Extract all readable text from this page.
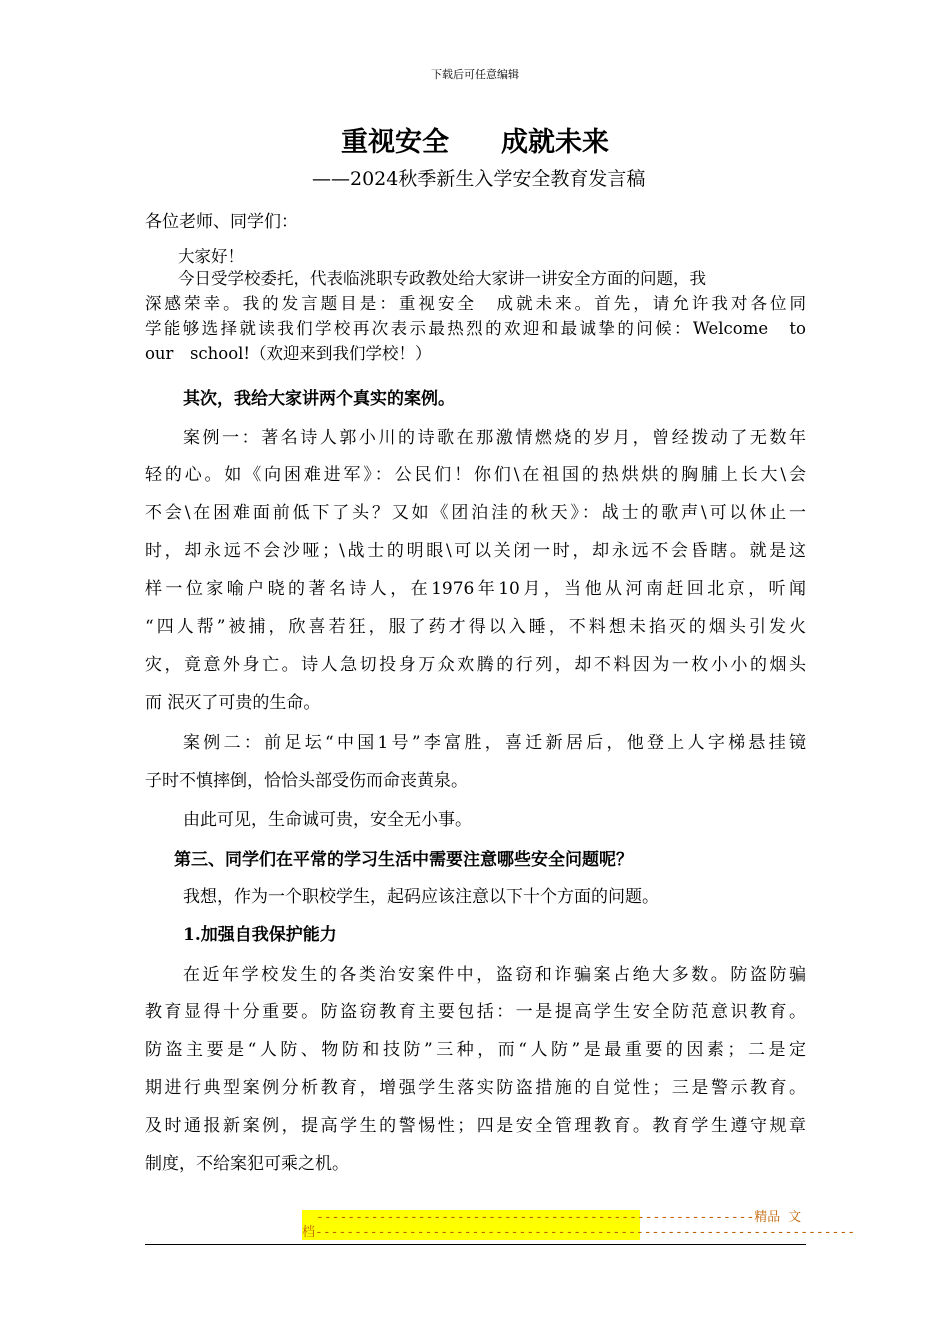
下载后可任意编辑
重视安全 成就未来
——2024秋季新生入学安全教育发言稿
各位老师、同学们：
大家好！
今日受学校委托，代表临洮职专政教处给大家讲一讲安全方面的问题，我
深感荣幸。我的发言题目是：重视安全　成就未来。首先，请允许我对各位同
学能够选择就读我们学校再次表示最热烈的欢迎和最诚挚的问候：Welcome　to
our　school!（欢迎来到我们学校！）
其次，我给大家讲两个真实的案例。
案例一：著名诗人郭小川的诗歌在那激情燃烧的岁月，曾经拨动了无数年
轻的心。如《向困难进军》：公民们！你们\在祖国的热烘烘的胸脯上长大\会
不会\在困难面前低下了头？又如《团泊洼的秋天》：战士的歌声\可以休止一
时，却永远不会沙哑；\战士的明眼\可以关闭一时，却永远不会昏瞎。就是这
样一位家喻户晓的著名诗人，在1976年10月，当他从河南赶回北京，听闻
“四人帮”被捕，欣喜若狂，服了药才得以入睡，不料想未掐灭的烟头引发火
灾，竟意外身亡。诗人急切投身万众欢腾的行列，却不料因为一枚小小的烟头
而 泯灭了可贵的生命。
案例二：前足坛“中国1号”李富胜，喜迁新居后，他登上人字梯悬挂镜
子时不慎摔倒，恰恰头部受伤而命丧黄泉。
由此可见，生命诚可贵，安全无小事。
第三、同学们在平常的学习生活中需要注意哪些安全问题呢？
我想，作为一个职校学生，起码应该注意以下十个方面的问题。
1.加强自我保护能力
在近年学校发生的各类治安案件中，盗窃和诈骗案占绝大多数。防盗防骗
教育显得十分重要。防盗窃教育主要包括：一是提高学生安全防范意识教育。
防盗主要是“人防、物防和技防”三种，而“人防”是最重要的因素；二是定
期进行典型案例分析教育，增强学生落实防盗措施的自觉性；三是警示教育。
及时通报新案例，提高学生的警惕性；四是安全管理教育。教育学生遵守规章
制度，不给案犯可乘之机。
--------------------------------------------------------精品 文
档---------------------------------------------------------------------
